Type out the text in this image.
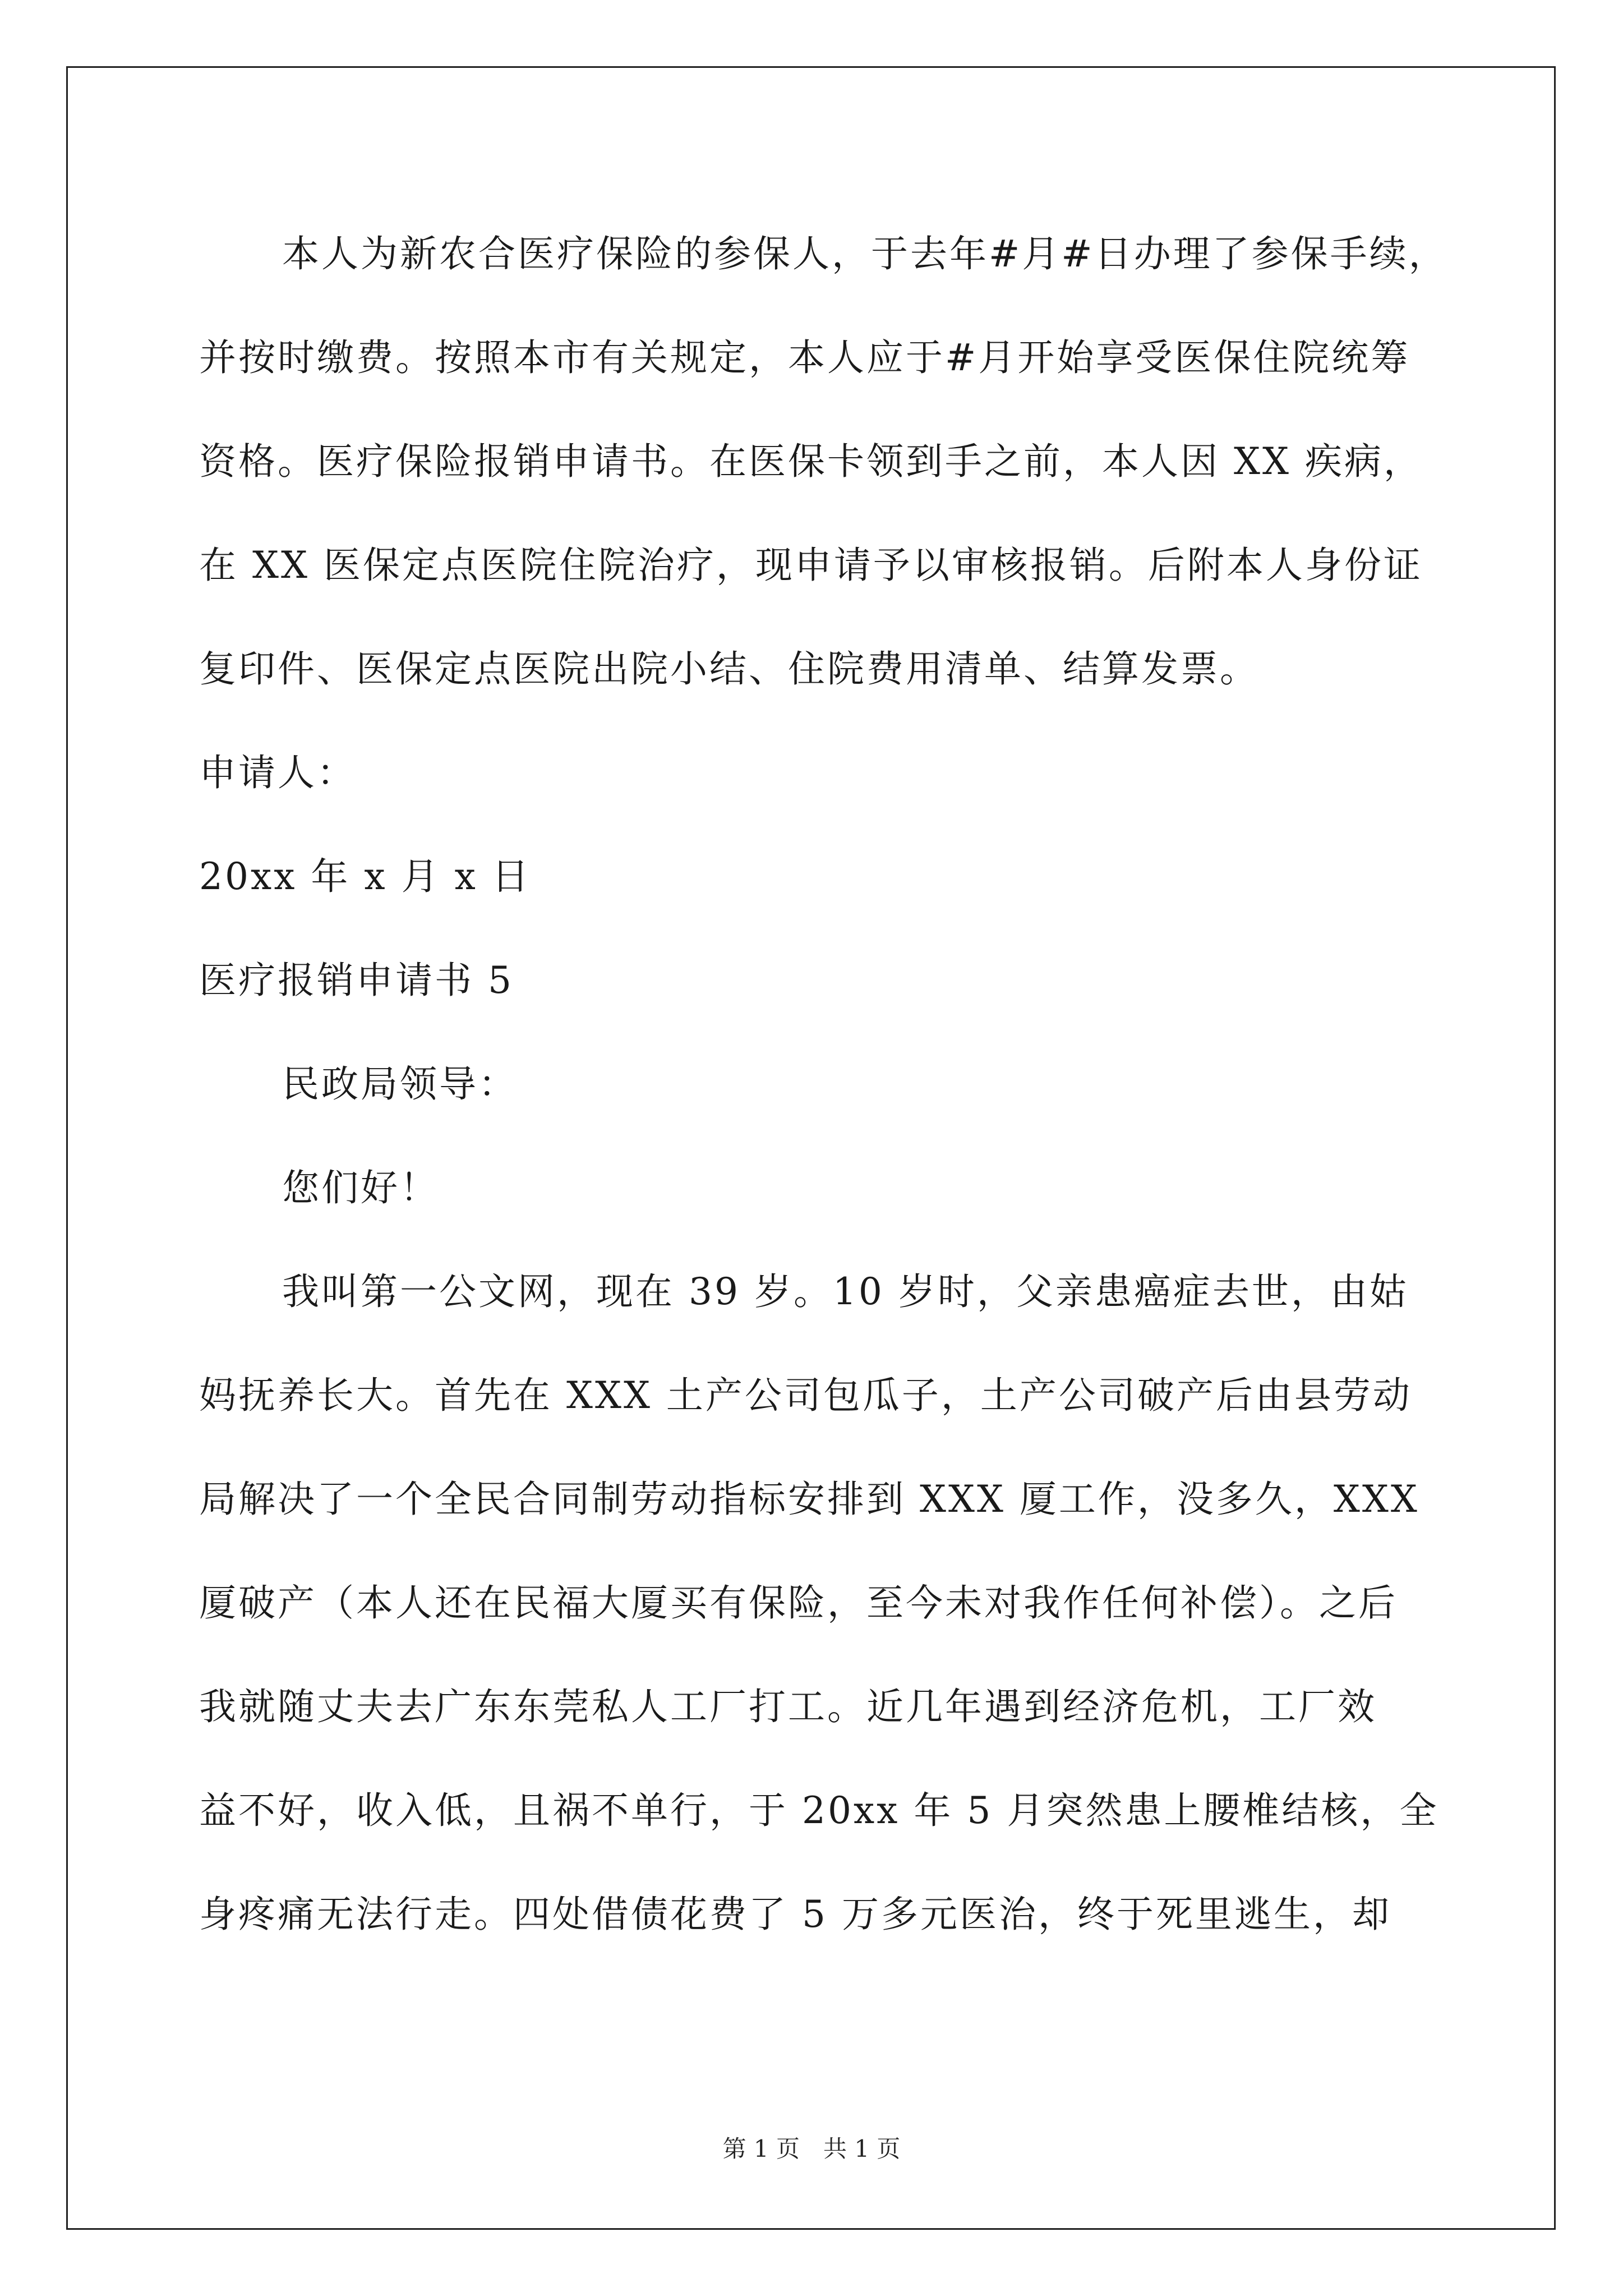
本人为新农合医疗保险的参保人，于去年#月#日办理了参保手续，
并按时缴费。按照本市有关规定，本人应于#月开始享受医保住院统筹
资格。医疗保险报销申请书。在医保卡领到手之前，本人因 XX 疾病，
在 XX 医保定点医院住院治疗，现申请予以审核报销。后附本人身份证
复印件、医保定点医院出院小结、住院费用清单、结算发票。
申请人：
20xx 年 x 月 x 日
医疗报销申请书 5
民政局领导：
您们好！
我叫第一公文网，现在 39 岁。10 岁时，父亲患癌症去世，由姑
妈抚养长大。首先在 XXX 土产公司包瓜子，土产公司破产后由县劳动
局解决了一个全民合同制劳动指标安排到 XXX 厦工作，没多久，XXX
厦破产（本人还在民福大厦买有保险，至今未对我作任何补偿）。之后
我就随丈夫去广东东莞私人工厂打工。近几年遇到经济危机，工厂效
益不好，收入低，且祸不单行，于 20xx 年 5 月突然患上腰椎结核，全
身疼痛无法行走。四处借债花费了 5 万多元医治，终于死里逃生，却
第 1 页　共 1 页
